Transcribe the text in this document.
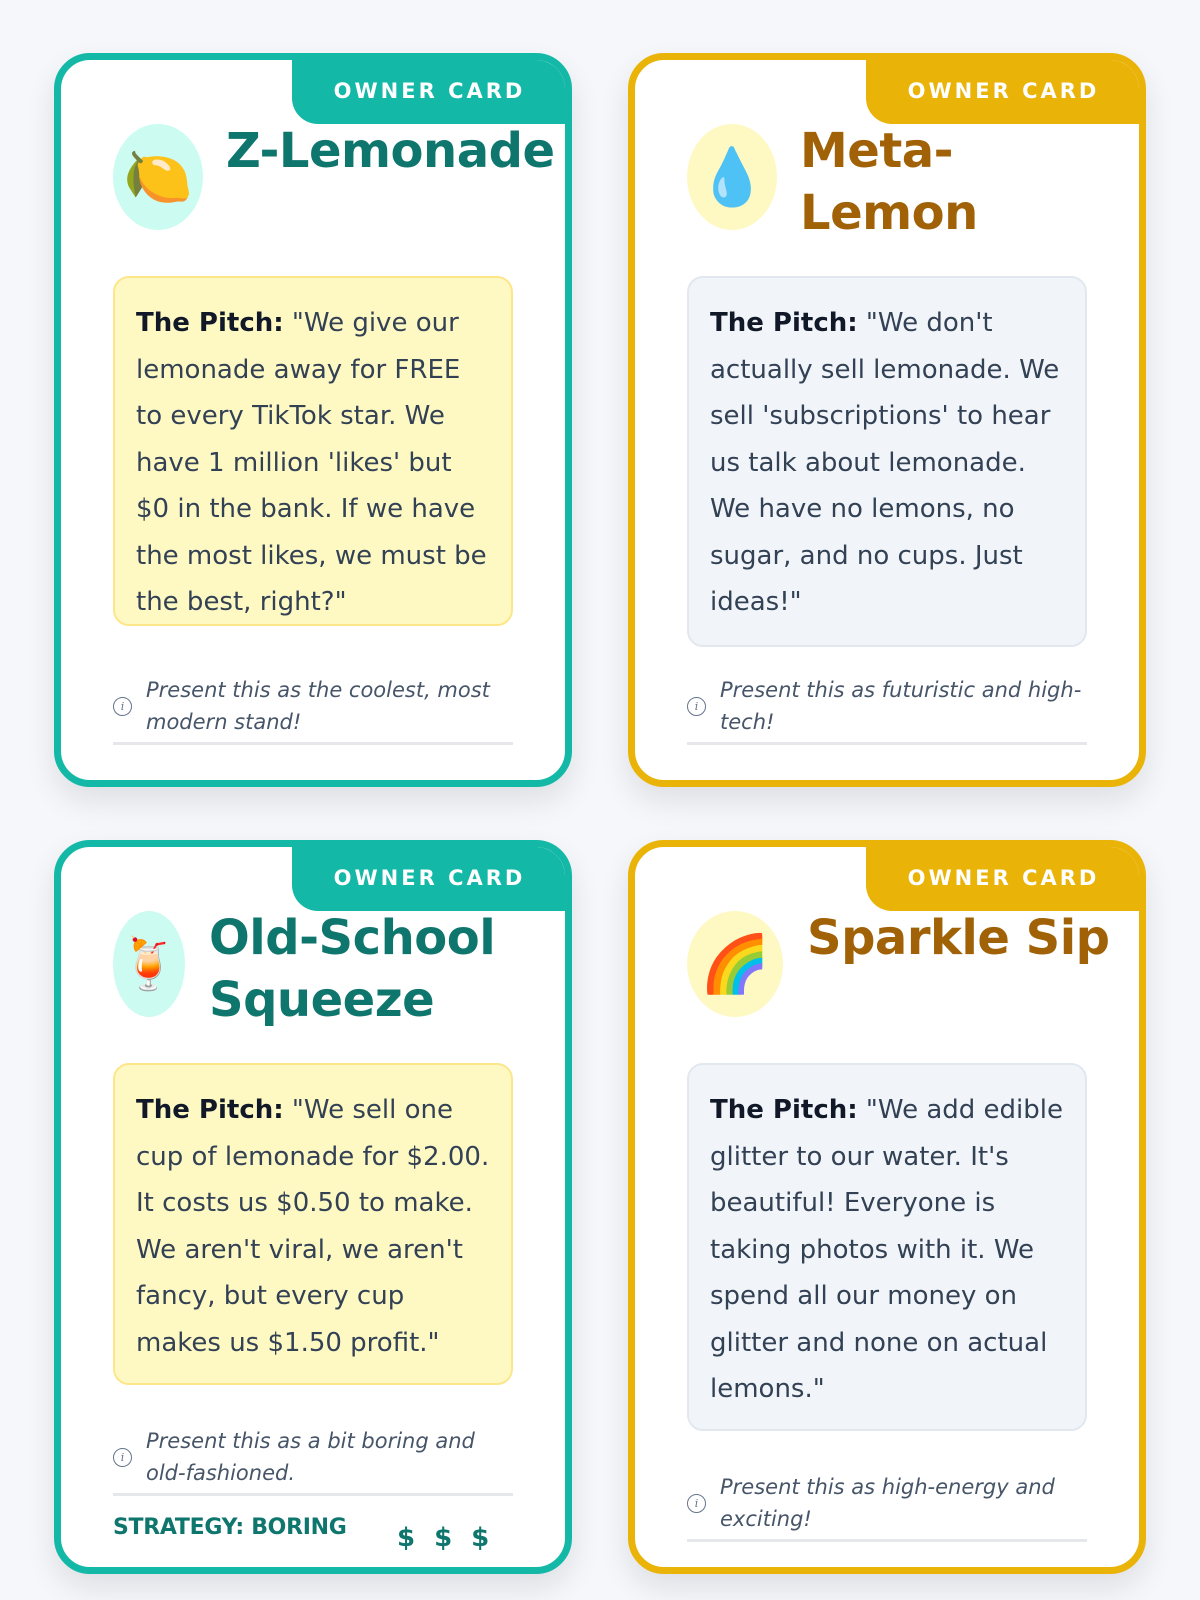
OWNER CARD
🍋 Z-Lemonade
The Pitch: "We give our lemonade away for FREE to every TikTok star. We have 1 million 'likes' but $0 in the bank. If we have the most likes, we must be the best, right?"
i
Present this as the coolest, most modern stand!
OWNER CARD
💧 Meta-Lemon
The Pitch: "We don't actually sell lemonade. We sell 'subscriptions' to hear us talk about lemonade. We have no lemons, no sugar, and no cups. Just ideas!"
i
Present this as futuristic and high-tech!
OWNER CARD
🍹 Old-School Squeeze
The Pitch: "We sell one cup of lemonade for $2.00. It costs us $0.50 to make. We aren't viral, we aren't fancy, but every cup makes us $1.50 profit."
i
Present this as a bit boring and old-fashioned.
STRATEGY: BORING $$$
OWNER CARD
🌈 Sparkle Sip
The Pitch: "We add edible glitter to our water. It's beautiful! Everyone is taking photos with it. We spend all our money on glitter and none on actual lemons."
i
Present this as high-energy and exciting!
